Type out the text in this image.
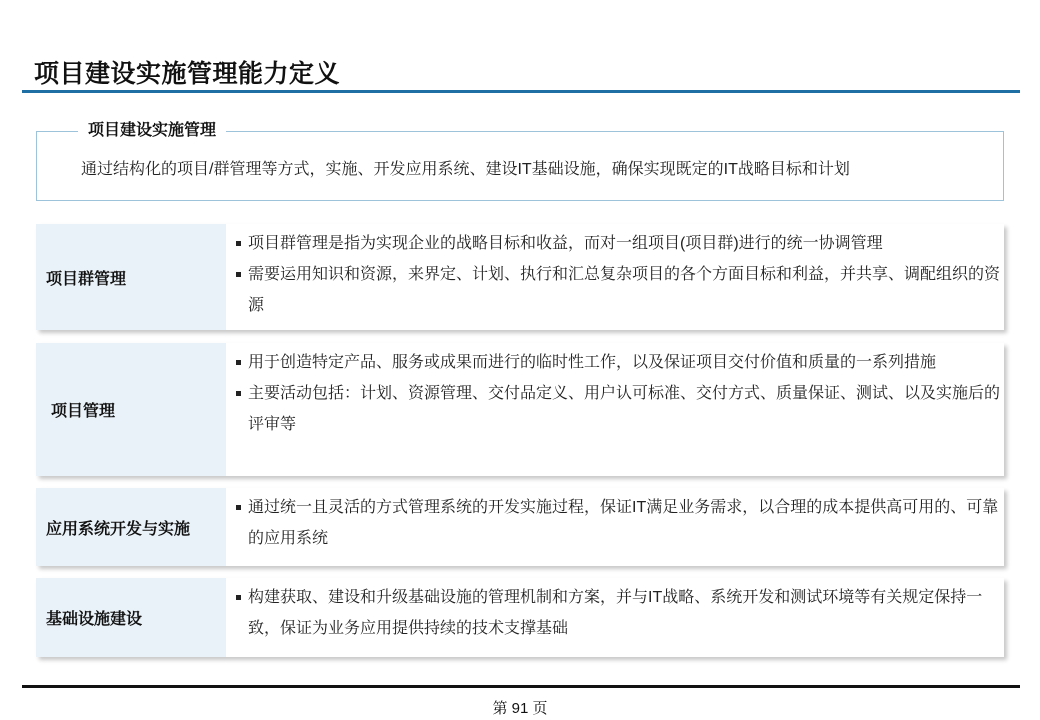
项目建设实施管理能力定义
通过结构化的项目/群管理等方式，实施、开发应用系统、建设IT基础设施，确保实现既定的IT战略目标和计划
项目建设实施管理
项目群管理

项目群管理是指为实现企业的战略目标和收益，而对一组项目(项目群)进行的统一协调管理

需要运用知识和资源，来界定、计划、执行和汇总复杂项目的各个方面目标和利益，并共享、调配组织的资源

项目管理

用于创造特定产品、服务或成果而进行的临时性工作，以及保证项目交付价值和质量的一系列措施

主要活动包括：计划、资源管理、交付品定义、用户认可标准、交付方式、质量保证、测试、以及实施后的评审等

应用系统开发与实施

通过统一且灵活的方式管理系统的开发实施过程，保证IT满足业务需求，以合理的成本提供高可用的、可靠的应用系统

基础设施建设

构建获取、建设和升级基础设施的管理机制和方案，并与IT战略、系统开发和测试环境等有关规定保持一致，保证为业务应用提供持续的技术支撑基础

第 91 页
